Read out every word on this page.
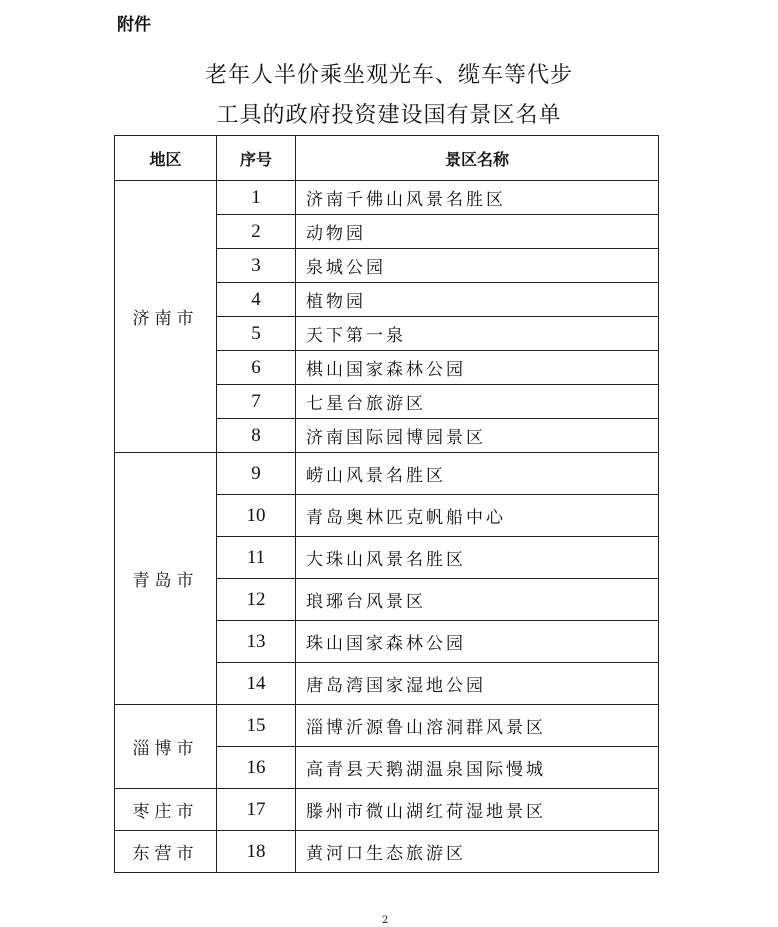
附件
老年人半价乘坐观光车、缆车等代步
工具的政府投资建设国有景区名单
地区	序号	景区名称
济南市	1	济南千佛山风景名胜区
	2	动物园
	3	泉城公园
	4	植物园
	5	天下第一泉
	6	棋山国家森林公园
	7	七星台旅游区
	8	济南国际园博园景区
青岛市	9	崂山风景名胜区
	10	青岛奥林匹克帆船中心
	11	大珠山风景名胜区
	12	琅琊台风景区
	13	珠山国家森林公园
	14	唐岛湾国家湿地公园
淄博市	15	淄博沂源鲁山溶洞群风景区
	16	高青县天鹅湖温泉国际慢城
枣庄市	17	滕州市微山湖红荷湿地景区
东营市	18	黄河口生态旅游区
2
